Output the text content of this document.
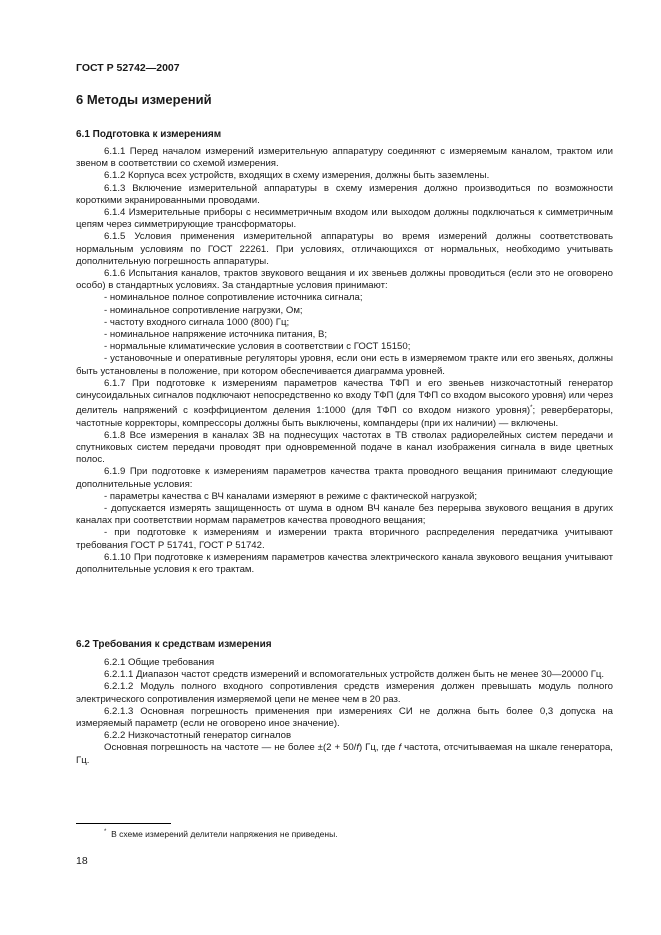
ГОСТ Р 52742—2007
6 Методы измерений
6.1 Подготовка к измерениям

6.1.1 Перед началом измерений измерительную аппаратуру соединяют с измеряемым каналом, трактом или звеном в соответствии со схемой измерения.

6.1.2 Корпуса всех устройств, входящих в схему измерения, должны быть заземлены.

6.1.3 Включение измерительной аппаратуры в схему измерения должно производиться по возможности короткими экранированными проводами.

6.1.4 Измерительные приборы с несимметричным входом или выходом должны подключаться к симметричным цепям через симметрирующие трансформаторы.

6.1.5 Условия применения измерительной аппаратуры во время измерений должны соответствовать нормальным условиям по ГОСТ 22261. При условиях, отличающихся от нормальных, необходимо учитывать дополнительную погрешность аппаратуры.

6.1.6 Испытания каналов, трактов звукового вещания и их звеньев должны проводиться (если это не оговорено особо) в стандартных условиях. За стандартные условия принимают:

- номинальное полное сопротивление источника сигнала;

- номинальное сопротивление нагрузки, Ом;

- частоту входного сигнала 1000 (800) Гц;

- номинальное напряжение источника питания, В;

- нормальные климатические условия в соответствии с ГОСТ 15150;

- установочные и оперативные регуляторы уровня, если они есть в измеряемом тракте или его звеньях, должны быть установлены в положение, при котором обеспечивается диаграмма уровней.

6.1.7 При подготовке к измерениям параметров качества ТФП и его звеньев низкочастотный генератор синусоидальных сигналов подключают непосредственно ко входу ТФП (для ТФП со входом высокого уровня) или через делитель напряжений с коэффициентом деления 1:1000 (для ТФП со входом низкого уровня)*; ревербераторы, частотные корректоры, компрессоры должны быть выключены, компандеры (при их наличии) — включены.

6.1.8 Все измерения в каналах ЗВ на поднесущих частотах в ТВ стволах радиорелейных систем передачи и спутниковых систем передачи проводят при одновременной подаче в канал изображения сигнала в виде цветных полос.

6.1.9 При подготовке к измерениям параметров качества тракта проводного вещания принимают следующие дополнительные условия:

- параметры качества с ВЧ каналами измеряют в режиме с фактической нагрузкой;

- допускается измерять защищенность от шума в одном ВЧ канале без перерыва звукового вещания в других каналах при соответствии нормам параметров качества проводного вещания;

- при подготовке к измерениям и измерении тракта вторичного распределения передатчика учитывают требования ГОСТ Р 51741, ГОСТ Р 51742.

6.1.10 При подготовке к измерениям параметров качества электрического канала звукового вещания учитывают дополнительные условия к его трактам.

6.2 Требования к средствам измерения

6.2.1 Общие требования

6.2.1.1 Диапазон частот средств измерений и вспомогательных устройств должен быть не менее 30—20000 Гц.

6.2.1.2 Модуль полного входного сопротивления средств измерения должен превышать модуль полного электрического сопротивления измеряемой цепи не менее чем в 20 раз.

6.2.1.3 Основная погрешность применения при измерениях СИ не должна быть более 0,3 допуска на измеряемый параметр (если не оговорено иное значение).

6.2.2 Низкочастотный генератор сигналов

Основная погрешность на частоте — не более ±(2 + 50/f) Гц, где f частота, отсчитываемая на шкале генератора, Гц.

* В схеме измерений делители напряжения не приведены.
18
